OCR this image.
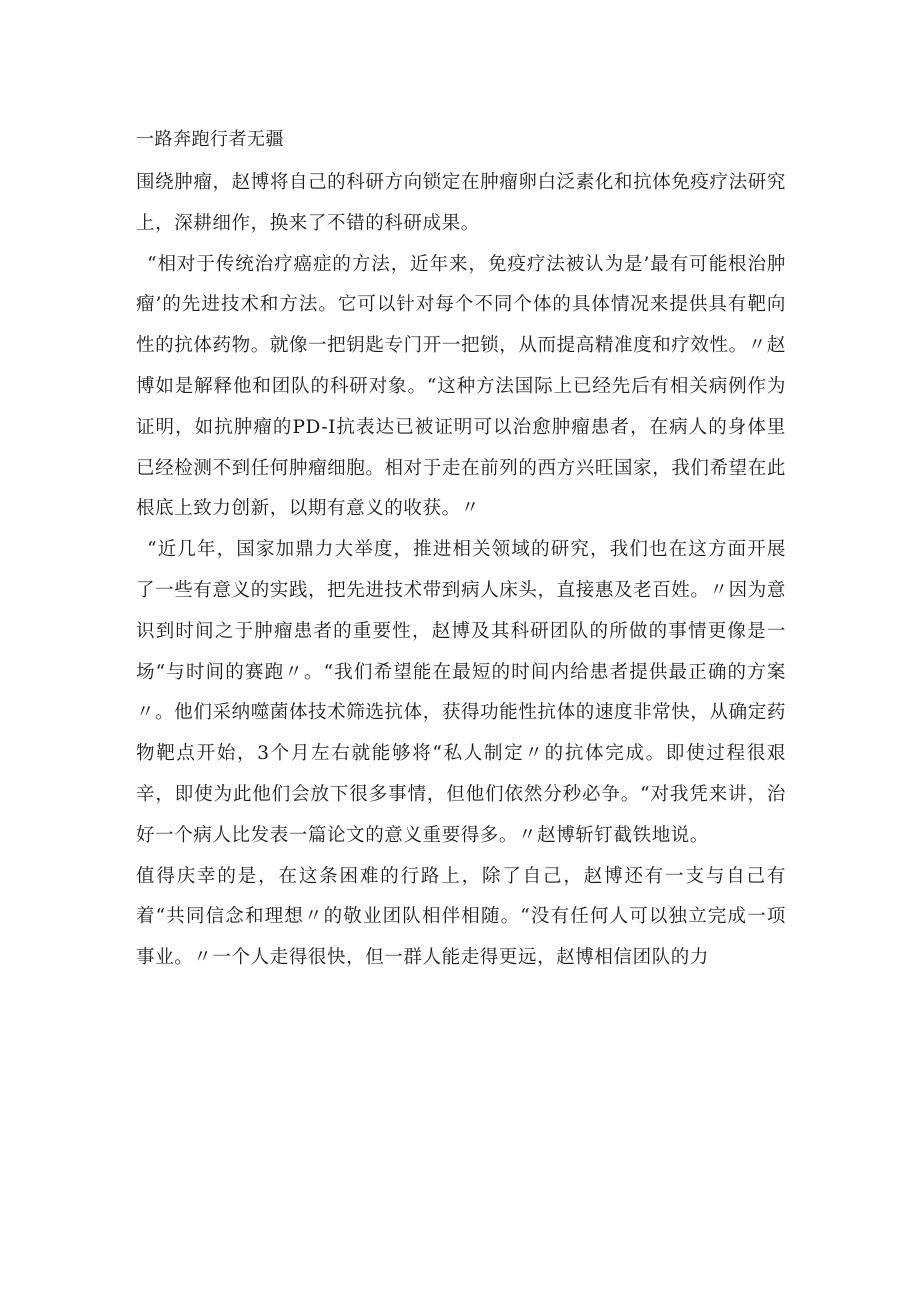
一路奔跑行者无疆

围绕肿瘤，赵博将自己的科研方向锁定在肿瘤卵白泛素化和抗体免疫疗法研究上，深耕细作，换来了不错的科研成果。

“相对于传统治疗癌症的方法，近年来，免疫疗法被认为是’最有可能根治肿瘤’的先进技术和方法。它可以针对每个不同个体的具体情况来提供具有靶向性的抗体药物。就像一把钥匙专门开一把锁，从而提高精准度和疗效性。〃赵博如是解释他和团队的科研对象。“这种方法国际上已经先后有相关病例作为证明，如抗肿瘤的PD-I抗表达已被证明可以治愈肿瘤患者，在病人的身体里已经检测不到任何肿瘤细胞。相对于走在前列的西方兴旺国家，我们希望在此根底上致力创新，以期有意义的收获。〃

“近几年，国家加鼎力大举度，推进相关领域的研究，我们也在这方面开展了一些有意义的实践，把先进技术带到病人床头，直接惠及老百姓。〃因为意识到时间之于肿瘤患者的重要性，赵博及其科研团队的所做的事情更像是一场“与时间的赛跑〃。“我们希望能在最短的时间内给患者提供最正确的方案〃。他们采纳噬菌体技术筛选抗体，获得功能性抗体的速度非常快，从确定药物靶点开始，3个月左右就能够将“私人制定〃的抗体完成。即使过程很艰辛，即使为此他们会放下很多事情，但他们依然分秒必争。“对我凭来讲，治好一个病人比发表一篇论文的意义重要得多。〃赵博斩钉截铁地说。

值得庆幸的是，在这条困难的行路上，除了自己，赵博还有一支与自己有着“共同信念和理想〃的敬业团队相伴相随。“没有任何人可以独立完成一项事业。〃一个人走得很快，但一群人能走得更远，赵博相信团队的力
